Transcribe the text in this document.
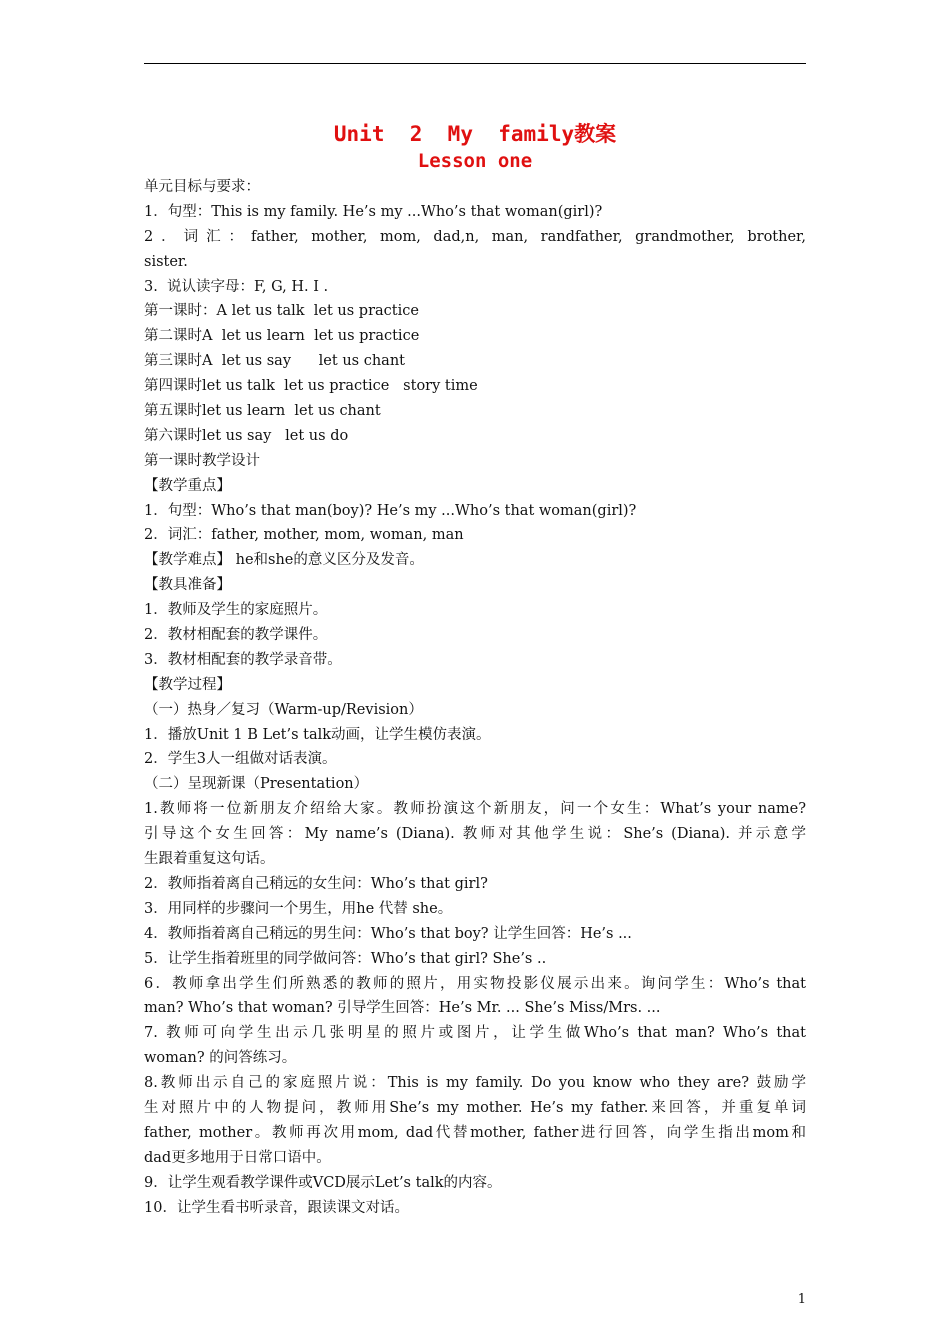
Unit  2  My  family教案
Lesson one
单元目标与要求：
1．句型：This is my family. He’s my ...Who’s that woman(girl)?
2．词汇：father, mother, mom, dad,n, man, randfather, grandmother, brother,
sister.
3.  说认读字母：F, G, H. I .
第一课时：A let us talk  let us practice
第二课时A  let us learn  let us practice
第三课时A  let us say      let us chant
第四课时let us talk  let us practice   story time
第五课时let us learn  let us chant
第六课时let us say   let us do
第一课时教学设计
【教学重点】
1．句型：Who’s that man(boy)? He’s my ...Who’s that woman(girl)?
2．词汇：father, mother, mom, woman, man
【教学难点】 he和she的意义区分及发音。
【教具准备】
1．教师及学生的家庭照片。
2．教材相配套的教学课件。
3．教材相配套的教学录音带。
【教学过程】
（一）热身／复习（Warm-up/Revision）
1．播放Unit 1 B Let’s talk动画，让学生模仿表演。
2．学生3人一组做对话表演。
（二）呈现新课（Presentation）
1.教师将一位新朋友介绍给大家。教师扮演这个新朋友，问一个女生：What’s your name?
引导这个女生回答：My name’s (Diana). 教师对其他学生说：She’s (Diana). 并示意学
生跟着重复这句话。
2．教师指着离自己稍远的女生问：Who’s that girl?
3．用同样的步骤问一个男生，用he 代替 she。
4．教师指着离自己稍远的男生问：Who’s that boy? 让学生回答：He’s ...
5．让学生指着班里的同学做问答：Who’s that girl? She’s ..
6．教师拿出学生们所熟悉的教师的照片，用实物投影仪展示出来。询问学生：Who’s that
man? Who’s that woman? 引导学生回答：He’s Mr. ... She’s Miss/Mrs. ...
7. 教师可向学生出示几张明星的照片或图片，让学生做Who’s that man? Who’s that
woman? 的问答练习。
8.教师出示自己的家庭照片说：This is my family. Do you know who they are? 鼓励学
生对照片中的人物提问，教师用She’s my mother. He’s my father.来回答，并重复单词
father, mother。教师再次用mom, dad代替mother, father进行回答，向学生指出mom和
dad更多地用于日常口语中。
9．让学生观看教学课件或VCD展示Let’s talk的内容。
10．让学生看书听录音，跟读课文对话。
1
